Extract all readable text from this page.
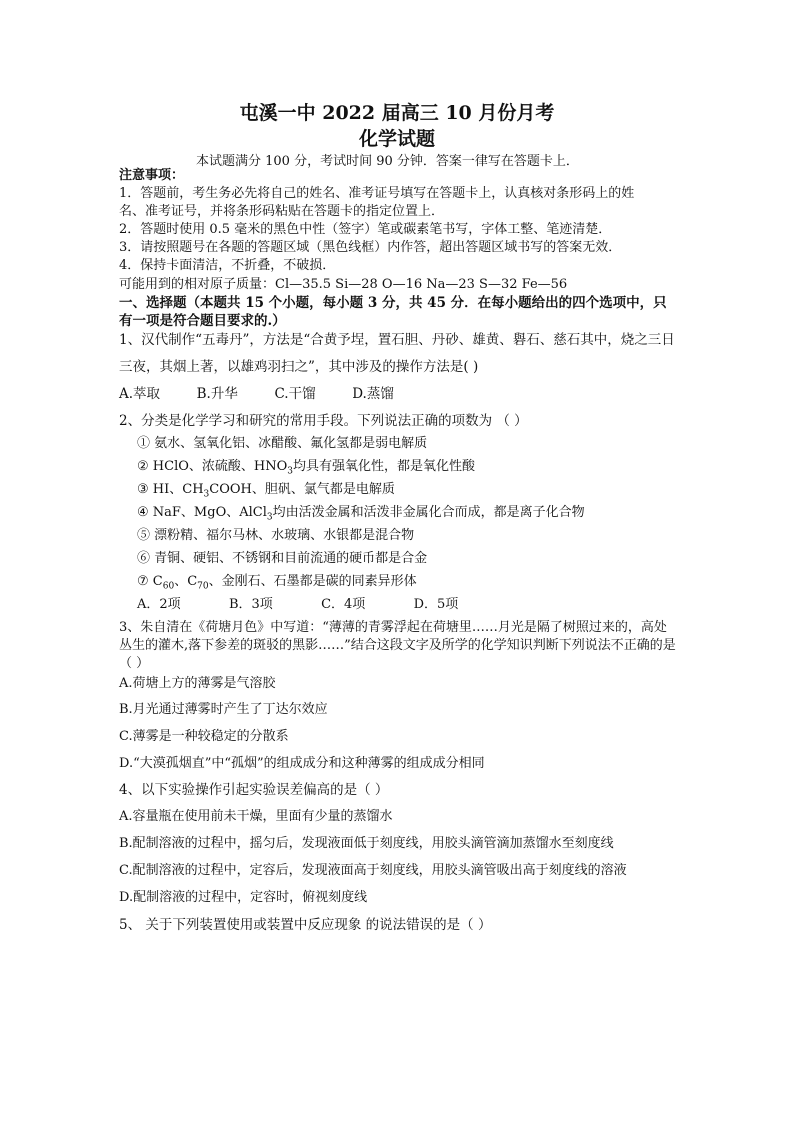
屯溪一中 2022 届高三 10 月份月考
化学试题
本试题满分 100 分，考试时间 90 分钟．答案一律写在答题卡上．
注意事项：
1．答题前，考生务必先将自己的姓名、准考证号填写在答题卡上，认真核对条形码上的姓
名、准考证号，并将条形码粘贴在答题卡的指定位置上．
2．答题时使用 0.5 毫米的黑色中性（签字）笔或碳素笔书写，字体工整、笔迹清楚．
3．请按照题号在各题的答题区域（黑色线框）内作答，超出答题区域书写的答案无效．
4．保持卡面清洁，不折叠，不破损．
可能用到的相对原子质量：Cl—35.5 Si—28 O—16 Na—23 S—32 Fe—56
一、选择题（本题共 15 个小题，每小题 3 分，共 45 分．在每小题给出的四个选项中，只有一项是符合题目要求的.）
1、汉代制作“五毒丹”，方法是“合黄予埕，置石胆、丹砂、雄黄、礜石、慈石其中，烧之三日三夜，其烟上著，以雄鸡羽扫之”，其中涉及的操作方法是( )
A.萃取	B.升华	C.干馏	D.蒸馏
2、分类是化学学习和研究的常用手段。下列说法正确的项数为 （ ）
① 氨水、氢氧化铝、冰醋酸、氟化氢都是弱电解质
② HClO、浓硫酸、$HNO_3$均具有强氧化性，都是氧化性酸
③ HI、$CH_3COOH$、胆矾、氯气都是电解质
④ NaF、MgO、AlCl$_3$均由活泼金属和活泼非金属化合而成，都是离子化合物
⑤ 漂粉精、福尔马林、水玻璃、水银都是混合物
⑥ 青铜、硬铝、不锈钢和目前流通的硬币都是合金
⑦ $C_{60}$、$C_{70}$、金刚石、石墨都是碳的同素异形体
A．2项	B．3项	C．4项	D．5项
3、朱自清在《荷塘月色》中写道：“薄薄的青雾浮起在荷塘里……月光是隔了树照过来的，高处丛生的灌木,落下参差的斑驳的黑影……”结合这段文字及所学的化学知识判断下列说法不正确的是 （ ）
A.荷塘上方的薄雾是气溶胶
B.月光通过薄雾时产生了丁达尔效应
C.薄雾是一种较稳定的分散系
D.“大漠孤烟直”中“孤烟”的组成成分和这种薄雾的组成成分相同
4、以下实验操作引起实验误差偏高的是（ ）
A.容量瓶在使用前未干燥，里面有少量的蒸馏水
B.配制溶液的过程中，摇匀后，发现液面低于刻度线，用胶头滴管滴加蒸馏水至刻度线
C.配制溶液的过程中，定容后，发现液面高于刻度线，用胶头滴管吸出高于刻度线的溶液
D.配制溶液的过程中，定容时，俯视刻度线
5、 关于下列装置使用或装置中反应现象 的说法错误的是（ ）
